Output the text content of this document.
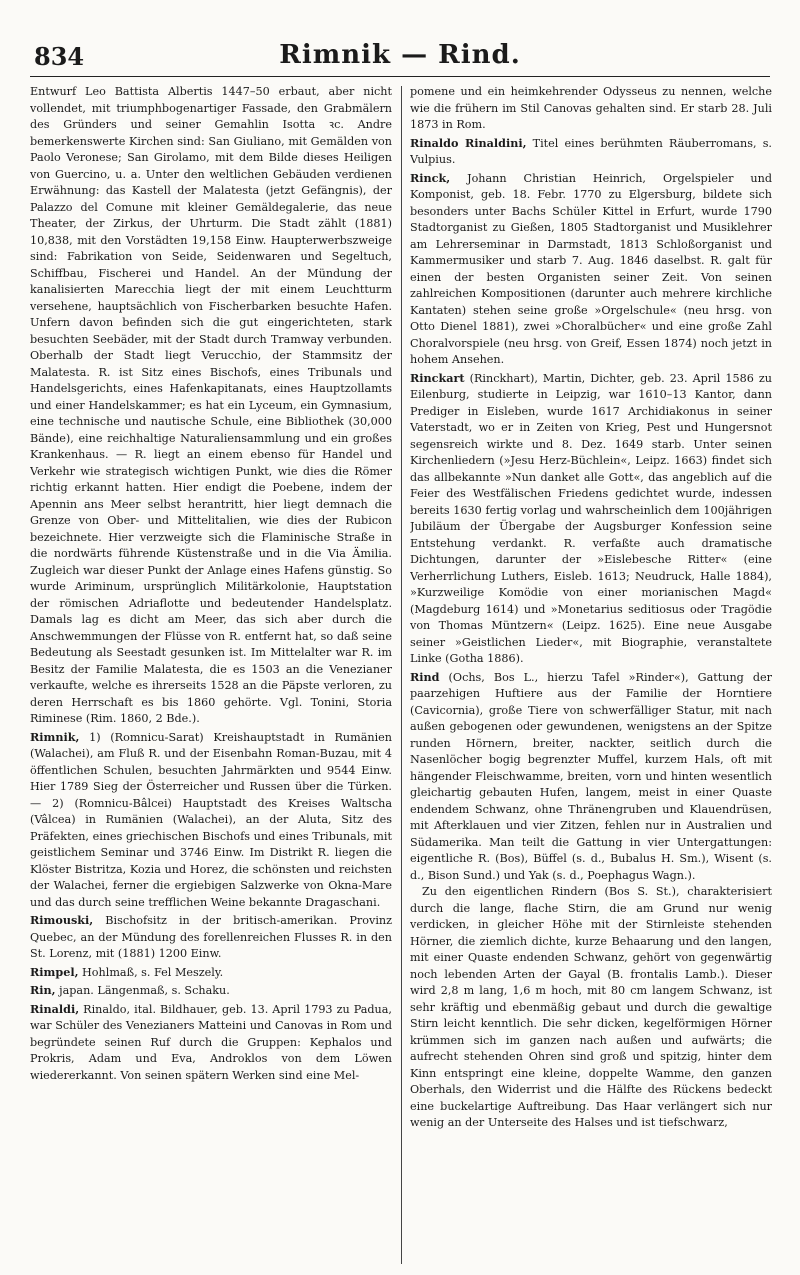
834	Rimnik — Rind.

Entwurf Leo Battista Albertis 1447–50 erbaut, aber nicht vollendet, mit triumphbogenartiger Fassade, den Grabmälern des Gründers und seiner Gemahlin Isotta ꝛc. Andre bemerkenswerte Kirchen sind: San Giuliano, mit Gemälden von Paolo Veronese; San Girolamo, mit dem Bilde dieses Heiligen von Guercino, u. a. Unter den weltlichen Gebäuden verdienen Erwähnung: das Kastell der Malatesta (jetzt Gefängnis), der Palazzo del Comune mit kleiner Gemäldegalerie, das neue Theater, der Zirkus, der Uhrturm. Die Stadt zählt (1881) 10,838, mit den Vorstädten 19,158 Einw. Haupterwerbszweige sind: Fabrikation von Seide, Seidenwaren und Segeltuch, Schiffbau, Fischerei und Handel. An der Mündung der kanalisierten Marecchia liegt der mit einem Leuchtturm versehene, hauptsächlich von Fischerbarken besuchte Hafen. Unfern davon befinden sich die gut eingerichteten, stark besuchten Seebäder, mit der Stadt durch Tramway verbunden. Oberhalb der Stadt liegt Verucchio, der Stammsitz der Malatesta. R. ist Sitz eines Bischofs, eines Tribunals und Handelsgerichts, eines Hafenkapitanats, eines Hauptzollamts und einer Handelskammer; es hat ein Lyceum, ein Gymnasium, eine technische und nautische Schule, eine Bibliothek (30,000 Bände), eine reichhaltige Naturaliensammlung und ein großes Krankenhaus. — R. liegt an einem ebenso für Handel und Verkehr wie strategisch wichtigen Punkt, wie dies die Römer richtig erkannt hatten. Hier endigt die Poebene, indem der Apennin ans Meer selbst herantritt, hier liegt demnach die Grenze von Ober- und Mittelitalien, wie dies der Rubicon bezeichnete. Hier verzweigte sich die Flaminische Straße in die nordwärts führende Küstenstraße und in die Via Ämilia. Zugleich war dieser Punkt der Anlage eines Hafens günstig. So wurde Ariminum, ursprünglich Militärkolonie, Hauptstation der römischen Adriaflotte und bedeutender Handelsplatz. Damals lag es dicht am Meer, das sich aber durch die Anschwemmungen der Flüsse von R. entfernt hat, so daß seine Bedeutung als Seestadt gesunken ist. Im Mittelalter war R. im Besitz der Familie Malatesta, die es 1503 an die Venezianer verkaufte, welche es ihrerseits 1528 an die Päpste verloren, zu deren Herrschaft es bis 1860 gehörte. Vgl. Tonini, Storia Riminese (Rim. 1860, 2 Bde.).

Rimnik, 1) (Romnicu-Sarat) Kreishauptstadt in Rumänien (Walachei), am Fluß R. und der Eisenbahn Roman-Buzau, mit 4 öffentlichen Schulen, besuchten Jahrmärkten und 9544 Einw. Hier 1789 Sieg der Österreicher und Russen über die Türken. — 2) (Romnicu-Bâlcei) Hauptstadt des Kreises Waltscha (Vâlcea) in Rumänien (Walachei), an der Aluta, Sitz des Präfekten, eines griechischen Bischofs und eines Tribunals, mit geistlichem Seminar und 3746 Einw. Im Distrikt R. liegen die Klöster Bistritza, Kozia und Horez, die schönsten und reichsten der Walachei, ferner die ergiebigen Salzwerke von Okna-Mare und das durch seine trefflichen Weine bekannte Dragaschani.

Rimouski, Bischofsitz in der britisch-amerikan. Provinz Quebec, an der Mündung des forellenreichen Flusses R. in den St. Lorenz, mit (1881) 1200 Einw.

Rimpel, Hohlmaß, s. Fel Meszely.

Rin, japan. Längenmaß, s. Schaku.

Rinaldi, Rinaldo, ital. Bildhauer, geb. 13. April 1793 zu Padua, war Schüler des Venezianers Matteini und Canovas in Rom und begründete seinen Ruf durch die Gruppen: Kephalos und Prokris, Adam und Eva, Androklos von dem Löwen wiedererkannt. Von seinen spätern Werken sind eine Mel-

pomene und ein heimkehrender Odysseus zu nennen, welche wie die frühern im Stil Canovas gehalten sind. Er starb 28. Juli 1873 in Rom.

Rinaldo Rinaldini, Titel eines berühmten Räuberromans, s. Vulpius.

Rinck, Johann Christian Heinrich, Orgelspieler und Komponist, geb. 18. Febr. 1770 zu Elgersburg, bildete sich besonders unter Bachs Schüler Kittel in Erfurt, wurde 1790 Stadtorganist zu Gießen, 1805 Stadtorganist und Musiklehrer am Lehrerseminar in Darmstadt, 1813 Schloßorganist und Kammermusiker und starb 7. Aug. 1846 daselbst. R. galt für einen der besten Organisten seiner Zeit. Von seinen zahlreichen Kompositionen (darunter auch mehrere kirchliche Kantaten) stehen seine große »Orgelschule« (neu hrsg. von Otto Dienel 1881), zwei »Choralbücher« und eine große Zahl Choralvorspiele (neu hrsg. von Greif, Essen 1874) noch jetzt in hohem Ansehen.

Rinckart (Rinckhart), Martin, Dichter, geb. 23. April 1586 zu Eilenburg, studierte in Leipzig, war 1610–13 Kantor, dann Prediger in Eisleben, wurde 1617 Archidiakonus in seiner Vaterstadt, wo er in Zeiten von Krieg, Pest und Hungersnot segensreich wirkte und 8. Dez. 1649 starb. Unter seinen Kirchenliedern (»Jesu Herz-Büchlein«, Leipz. 1663) findet sich das allbekannte »Nun danket alle Gott«, das angeblich auf die Feier des Westfälischen Friedens gedichtet wurde, indessen bereits 1630 fertig vorlag und wahrscheinlich dem 100jährigen Jubiläum der Übergabe der Augsburger Konfession seine Entstehung verdankt. R. verfaßte auch dramatische Dichtungen, darunter der »Eislebesche Ritter« (eine Verherrlichung Luthers, Eisleb. 1613; Neudruck, Halle 1884), »Kurzweilige Komödie von einer morianischen Magd« (Magdeburg 1614) und »Monetarius seditiosus oder Tragödie von Thomas Müntzern« (Leipz. 1625). Eine neue Ausgabe seiner »Geistlichen Lieder«, mit Biographie, veranstaltete Linke (Gotha 1886).

Rind (Ochs, Bos L., hierzu Tafel »Rinder«), Gattung der paarzehigen Huftiere aus der Familie der Horntiere (Cavicornia), große Tiere von schwerfälliger Statur, mit nach außen gebogenen oder gewundenen, wenigstens an der Spitze runden Hörnern, breiter, nackter, seitlich durch die Nasenlöcher bogig begrenzter Muffel, kurzem Hals, oft mit hängender Fleischwamme, breiten, vorn und hinten wesentlich gleichartig gebauten Hufen, langem, meist in einer Quaste endendem Schwanz, ohne Thränengruben und Klauendrüsen, mit Afterklauen und vier Zitzen, fehlen nur in Australien und Südamerika. Man teilt die Gattung in vier Untergattungen: eigentliche R. (Bos), Büffel (s. d., Bubalus H. Sm.), Wisent (s. d., Bison Sund.) und Yak (s. d., Poephagus Wagn.).

Zu den eigentlichen Rindern (Bos S. St.), charakterisiert durch die lange, flache Stirn, die am Grund nur wenig verdicken, in gleicher Höhe mit der Stirnleiste stehenden Hörner, die ziemlich dichte, kurze Behaarung und den langen, mit einer Quaste endenden Schwanz, gehört von gegenwärtig noch lebenden Arten der Gayal (B. frontalis Lamb.). Dieser wird 2,8 m lang, 1,6 m hoch, mit 80 cm langem Schwanz, ist sehr kräftig und ebenmäßig gebaut und durch die gewaltige Stirn leicht kenntlich. Die sehr dicken, kegelförmigen Hörner krümmen sich im ganzen nach außen und aufwärts; die aufrecht stehenden Ohren sind groß und spitzig, hinter dem Kinn entspringt eine kleine, doppelte Wamme, den ganzen Oberhals, den Widerrist und die Hälfte des Rückens bedeckt eine buckelartige Auftreibung. Das Haar verlängert sich nur wenig an der Unterseite des Halses und ist tiefschwarz,
